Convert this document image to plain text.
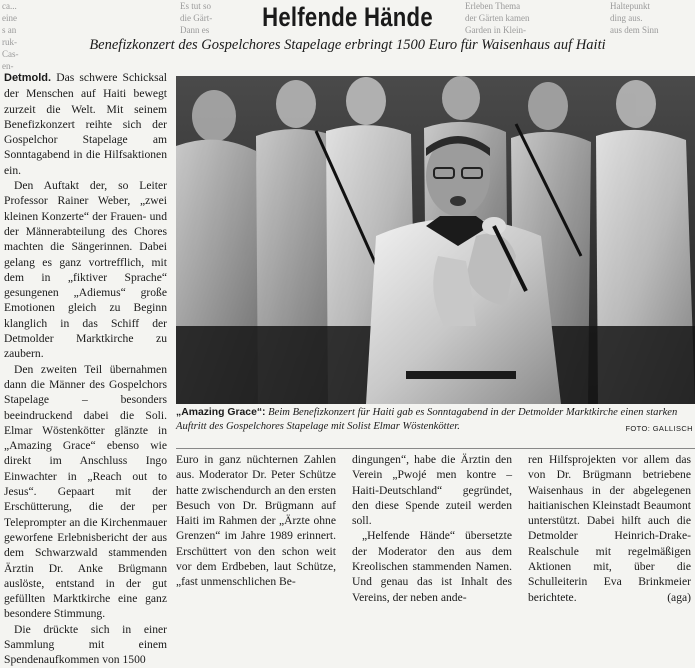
ca...
eine
s an
ruk-
Cas-
en-
Es tut so
die Gärt-
Dann es
Erleben Thema
der Gärten kamen
Garden in Klein-
Haltepunkt
ding aus.
aus dem Sinn
Helfende Hände
Benefizkonzert des Gospelchores Stapelage erbringt 1500 Euro für Waisenhaus auf Haiti

Detmold. Das schwere Schicksal der Menschen auf Haiti bewegt zurzeit die Welt. Mit seinem Benefizkonzert reihte sich der Gospelchor Stapelage am Sonntagabend in die Hilfsaktionen ein.

Den Auftakt der, so Leiter Professor Rainer Weber, „zwei kleinen Konzerte“ der Frauen- und der Männerabteilung des Chores machten die Sängerinnen. Dabei gelang es ganz vortrefflich, mit dem in „fiktiver Sprache“ gesungenen „Adiemus“ große Emotionen gleich zu Beginn klanglich in das Schiff der Detmolder Marktkirche zu zaubern.

Den zweiten Teil übernahmen dann die Männer des Gospelchors Stapelage – besonders beeindruckend dabei die Soli. Elmar Wöstenkötter glänzte in „Amazing Grace“ ebenso wie direkt im Anschluss Ingo Einwachter in „Reach out to Jesus“. Gepaart mit der Erschütterung, die der per Teleprompter an die Kirchenmauer geworfene Erlebnisbericht der aus dem Schwarzwald stammenden Ärztin Dr. Anke Brügmann auslöste, entstand in der gut gefüllten Marktkirche eine ganz besondere Stimmung.

Die drückte sich in einer Sammlung mit einem Spendenaufkommen von 1500

„Amazing Grace“: Beim Benefizkonzert für Haiti gab es Sonntagabend in der Detmolder Marktkirche einen starken Auftritt des Gospelchores Stapelage mit Solist Elmar Wöstenkötter.	FOTO: GALLISCH

Euro in ganz nüchternen Zahlen aus. Moderator Dr. Peter Schütze hatte zwischendurch an den ersten Besuch von Dr. Brügmann auf Haiti im Rahmen der „Ärzte ohne Grenzen“ im Jahre 1989 erinnert. Erschüttert von den schon weit vor dem Erdbeben, laut Schütze, „fast unmenschlichen Be-

dingungen“, habe die Ärztin den Verein „Pwojé men kontre – Haiti-Deutschland“ gegründet, den diese Spende zuteil werden soll.

„Helfende Hände“ übersetzte der Moderator den aus dem Kreolischen stammenden Namen. Und genau das ist Inhalt des Vereins, der neben ande-

ren Hilfsprojekten vor allem das von Dr. Brügmann betriebene Waisenhaus in der abgelegenen haitianischen Kleinstadt Beaumont unterstützt. Dabei hilft auch die Detmolder Heinrich-Drake-Realschule mit regelmäßigen Aktionen mit, über die Schulleiterin Eva Brinkmeier berichtete.	(aga)
